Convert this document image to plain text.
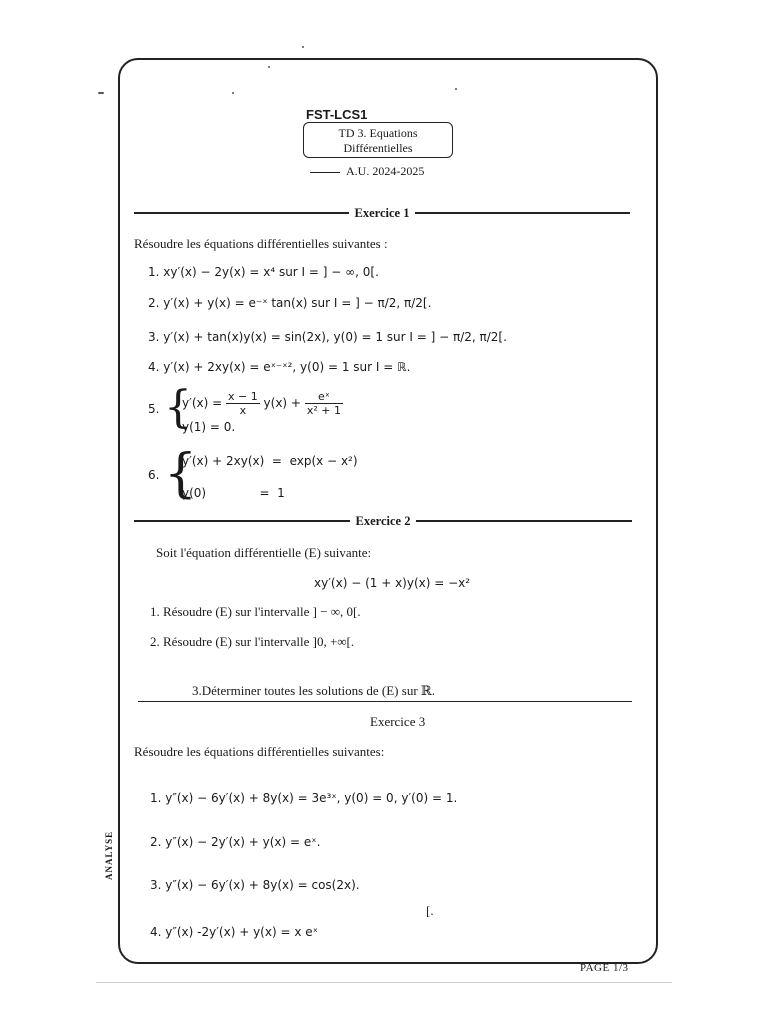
FST-LCS1
TD 3. Equations
Différentielles
A.U. 2024-2025
Exercice 1
Résoudre les équations différentielles suivantes :
1. xy′(x) − 2y(x) = x⁴ sur I = ] − ∞, 0[.
2. y′(x) + y(x) = e⁻ˣ tan(x) sur I = ] − π/2, π/2[.
3. y′(x) + tan(x)y(x) = sin(2x), y(0) = 1 sur I = ] − π/2, π/2[.
4. y′(x) + 2xy(x) = eˣ⁻ˣ², y(0) = 1 sur I = ℝ.
5. {
$y'(x) = \frac{x - 1}{x} y(x) + \frac{\text{eˣ}}{\text{x² + 1}}$
y(1) = 0.
6. {
y′(x) + 2xy(x)  =  exp(x − x²)
y(0)              =  1
Exercice 2
Soit l'équation différentielle (E) suivante:
xy′(x) − (1 + x)y(x) = −x²
1. Résoudre (E) sur l'intervalle ] − ∞, 0[.
2. Résoudre (E) sur l'intervalle ]0, +∞[.
3.Déterminer toutes les solutions de (E) sur ℝ.
Exercice 3
Résoudre les équations différentielles suivantes:
1. y″(x) − 6y′(x) + 8y(x) = 3e³ˣ, y(0) = 0, y′(0) = 1.
2. y″(x) − 2y′(x) + y(x) = eˣ.
3. y″(x) − 6y′(x) + 8y(x) = cos(2x).
[.
4. y″(x) -2y′(x) + y(x) = x eˣ
ANALYSE
PAGE 1/3
